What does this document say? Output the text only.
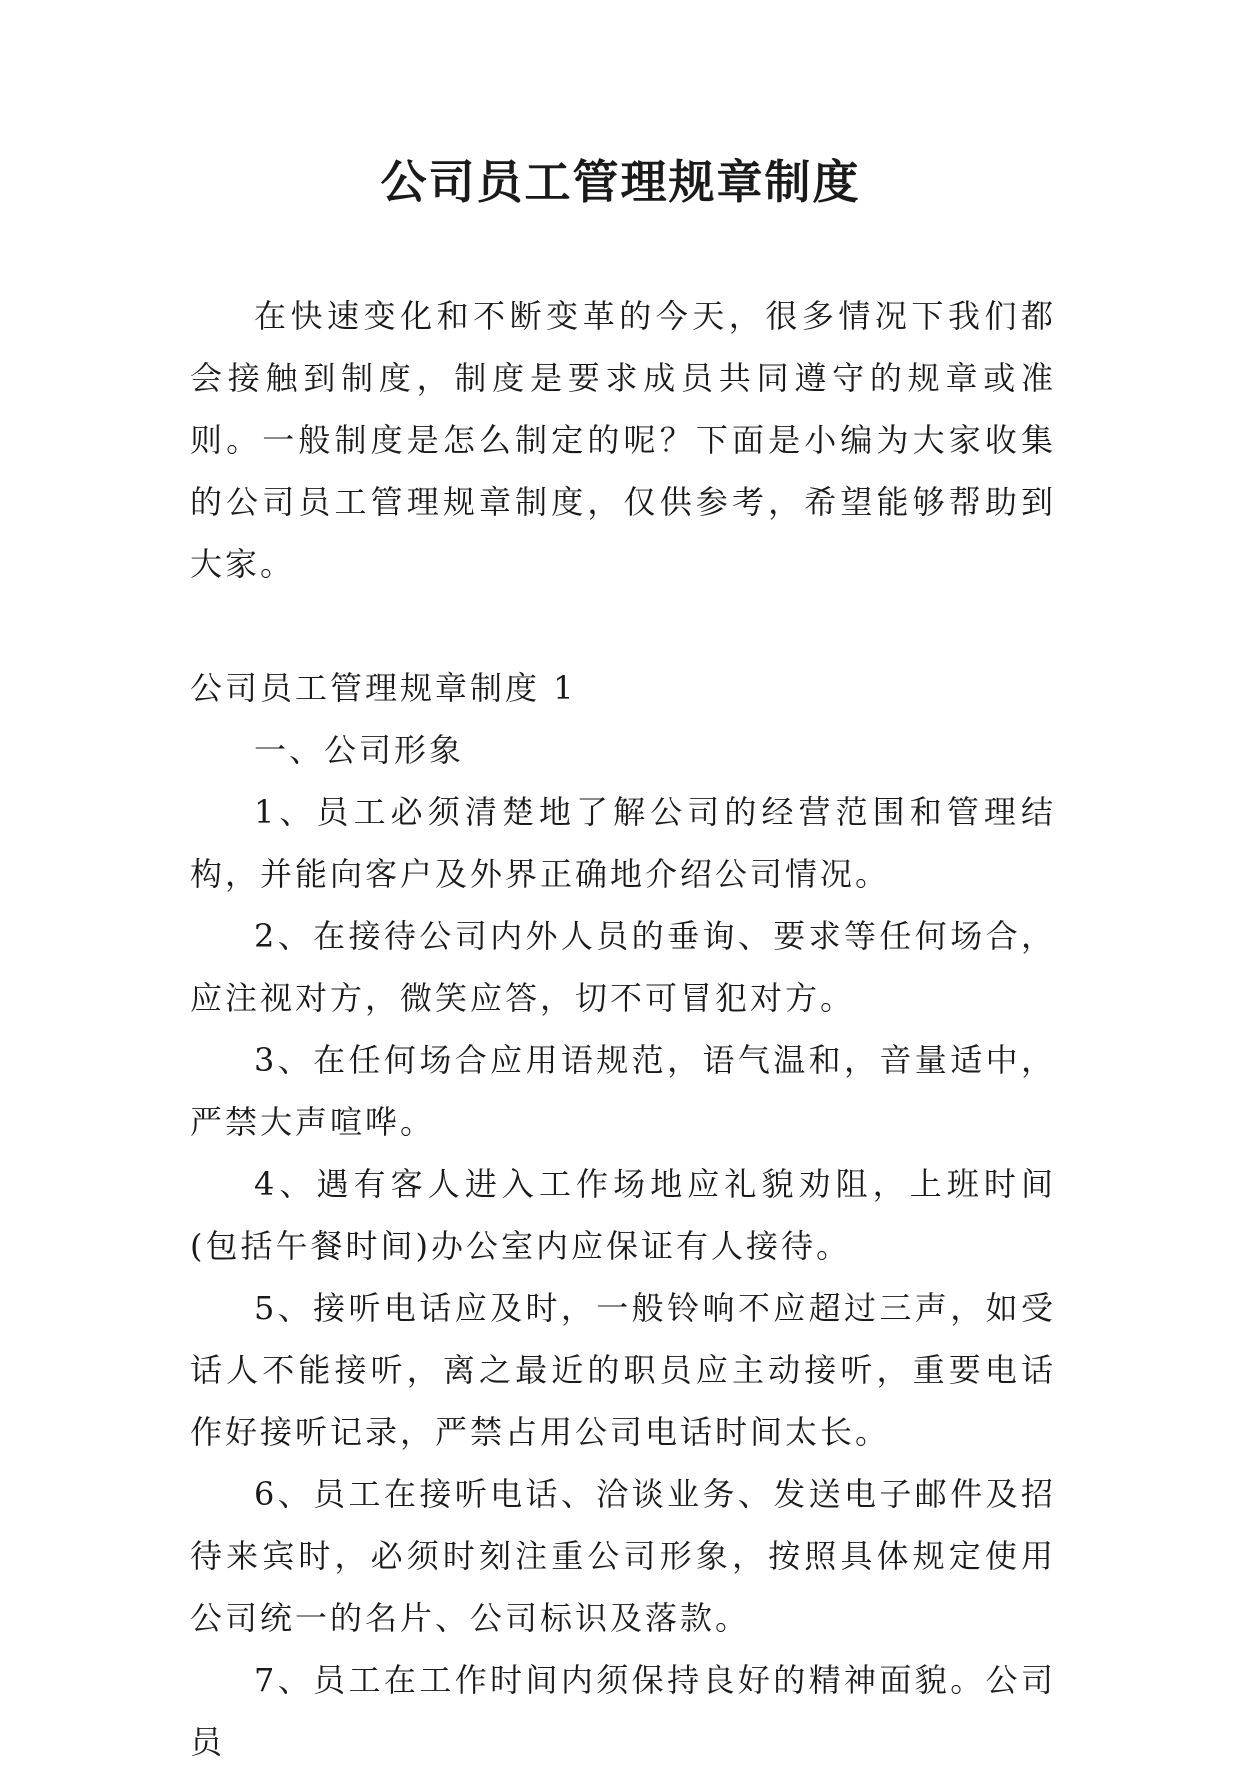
公司员工管理规章制度

在快速变化和不断变革的今天，很多情况下我们都会接触到制度，制度是要求成员共同遵守的规章或准则。一般制度是怎么制定的呢？下面是小编为大家收集的公司员工管理规章制度，仅供参考，希望能够帮助到大家。

公司员工管理规章制度 1

一、公司形象

1、员工必须清楚地了解公司的经营范围和管理结构，并能向客户及外界正确地介绍公司情况。

2、在接待公司内外人员的垂询、要求等任何场合，应注视对方，微笑应答，切不可冒犯对方。

3、在任何场合应用语规范，语气温和，音量适中，严禁大声喧哗。

4、遇有客人进入工作场地应礼貌劝阻，上班时间(包括午餐时间)办公室内应保证有人接待。

5、接听电话应及时，一般铃响不应超过三声，如受话人不能接听，离之最近的职员应主动接听，重要电话作好接听记录，严禁占用公司电话时间太长。

6、员工在接听电话、洽谈业务、发送电子邮件及招待来宾时，必须时刻注重公司形象，按照具体规定使用公司统一的名片、公司标识及落款。

7、员工在工作时间内须保持良好的精神面貌。公司员
